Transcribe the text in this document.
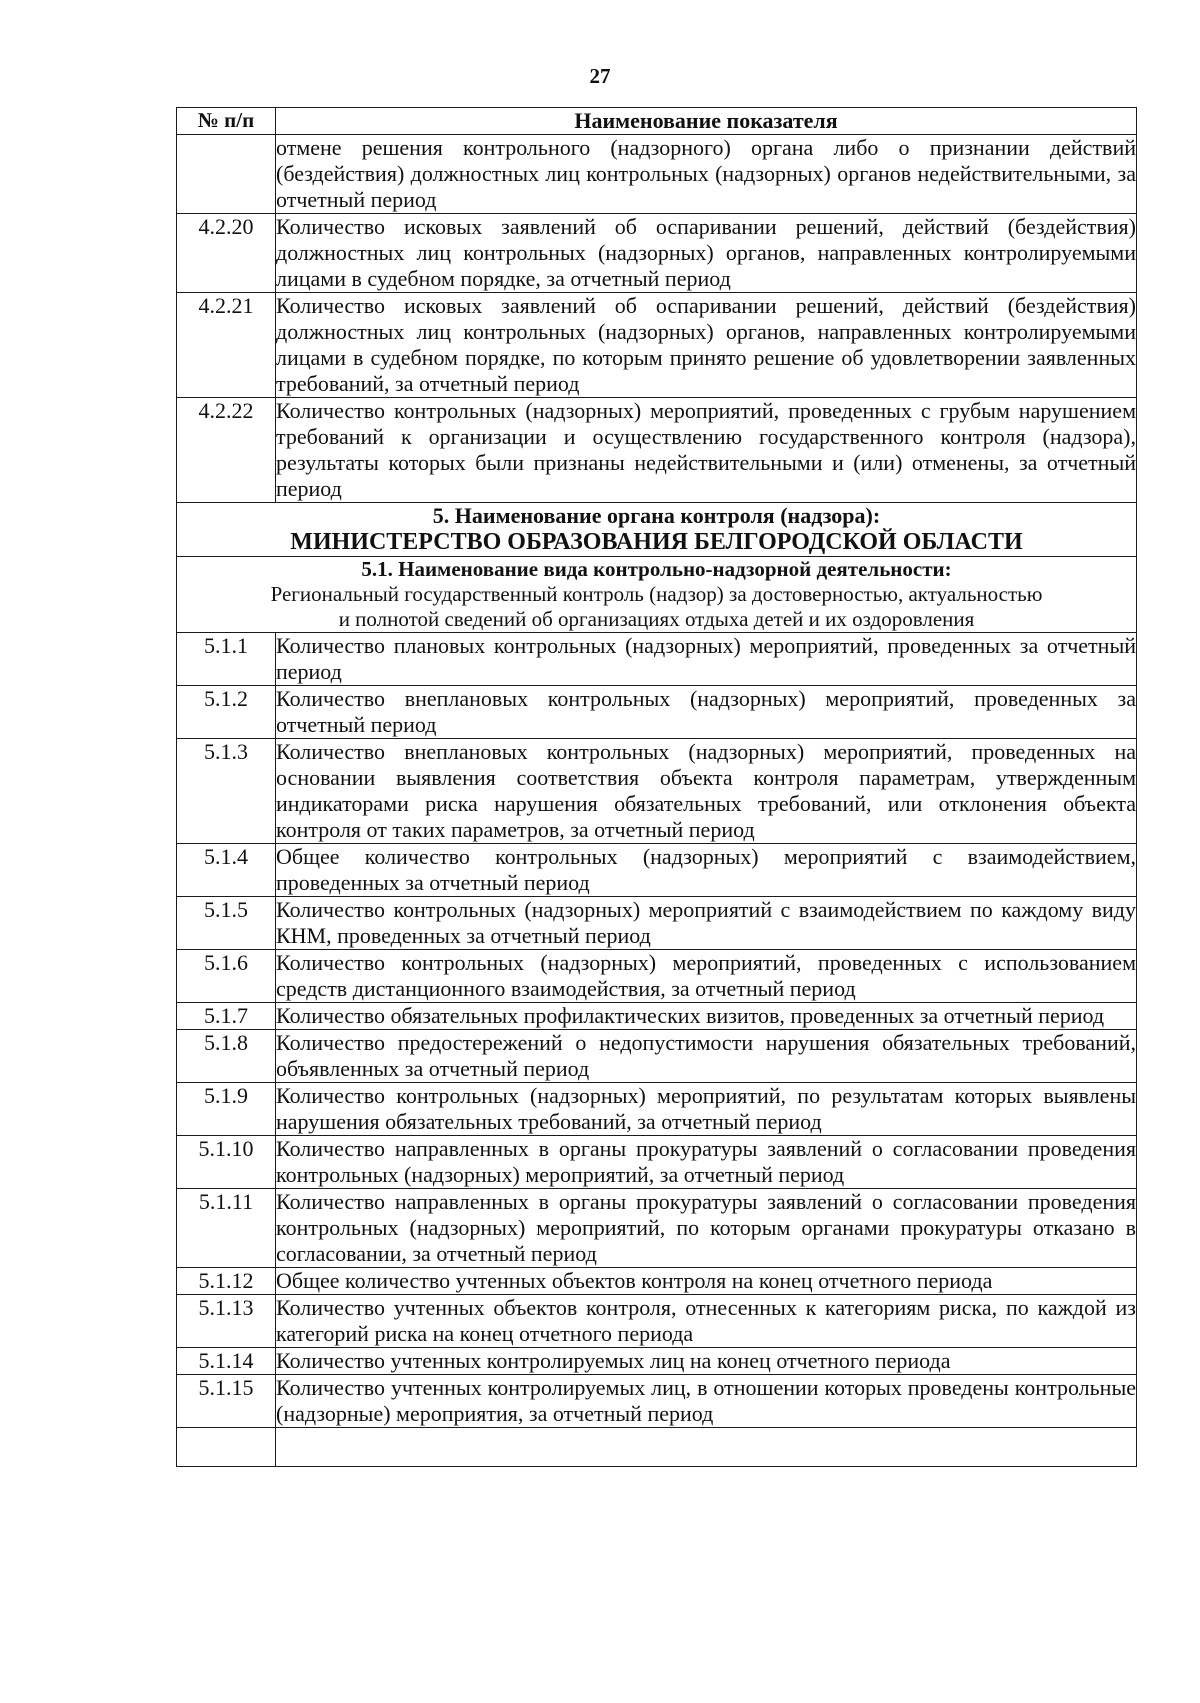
27
№ п/п	Наименование показателя
	отмене решения контрольного (надзорного) органа либо о признании действий (бездействия) должностных лиц контрольных (надзорных) органов недействительными, за отчетный период
4.2.20	Количество исковых заявлений об оспаривании решений, действий (бездействия) должностных лиц контрольных (надзорных) органов, направленных контролируемыми лицами в судебном порядке, за отчетный период
4.2.21	Количество исковых заявлений об оспаривании решений, действий (бездействия) должностных лиц контрольных (надзорных) органов, направленных контролируемыми лицами в судебном порядке, по которым принято решение об удовлетворении заявленных требований, за отчетный период
4.2.22	Количество контрольных (надзорных) мероприятий, проведенных с грубым нарушением требований к организации и осуществлению государственного контроля (надзора), результаты которых были признаны недействительными и (или) отменены, за отчетный период

5. Наименование органа контроля (надзора):
МИНИСТЕРСТВО ОБРАЗОВАНИЯ БЕЛГОРОДСКОЙ ОБЛАСТИ	

5.1. Наименование вида контрольно-надзорной деятельности:
Региональный государственный контроль (надзор) за достоверностью, актуальностью
и полнотой сведений об организациях отдыха детей и их оздоровления	

5.1.1	Количество плановых контрольных (надзорных) мероприятий, проведенных за отчетный период
5.1.2	Количество внеплановых контрольных (надзорных) мероприятий, проведенных за отчетный период
5.1.3	Количество внеплановых контрольных (надзорных) мероприятий, проведенных на основании выявления соответствия объекта контроля параметрам, утвержденным индикаторами риска нарушения обязательных требований, или отклонения объекта контроля от таких параметров, за отчетный период
5.1.4	Общее количество контрольных (надзорных) мероприятий с взаимодействием, проведенных за отчетный период
5.1.5	Количество контрольных (надзорных) мероприятий с взаимодействием по каждому виду КНМ, проведенных за отчетный период
5.1.6	Количество контрольных (надзорных) мероприятий, проведенных с использованием средств дистанционного взаимодействия, за отчетный период
5.1.7	Количество обязательных профилактических визитов, проведенных за отчетный период
5.1.8	Количество предостережений о недопустимости нарушения обязательных требований, объявленных за отчетный период
5.1.9	Количество контрольных (надзорных) мероприятий, по результатам которых выявлены нарушения обязательных требований, за отчетный период
5.1.10	Количество направленных в органы прокуратуры заявлений о согласовании проведения контрольных (надзорных) мероприятий, за отчетный период
5.1.11	Количество направленных в органы прокуратуры заявлений о согласовании проведения контрольных (надзорных) мероприятий, по которым органами прокуратуры отказано в согласовании, за отчетный период
5.1.12	Общее количество учтенных объектов контроля на конец отчетного периода
5.1.13	Количество учтенных объектов контроля, отнесенных к категориям риска, по каждой из категорий риска на конец отчетного периода
5.1.14	Количество учтенных контролируемых лиц на конец отчетного периода
5.1.15	Количество учтенных контролируемых лиц, в отношении которых проведены контрольные (надзорные) мероприятия, за отчетный период
